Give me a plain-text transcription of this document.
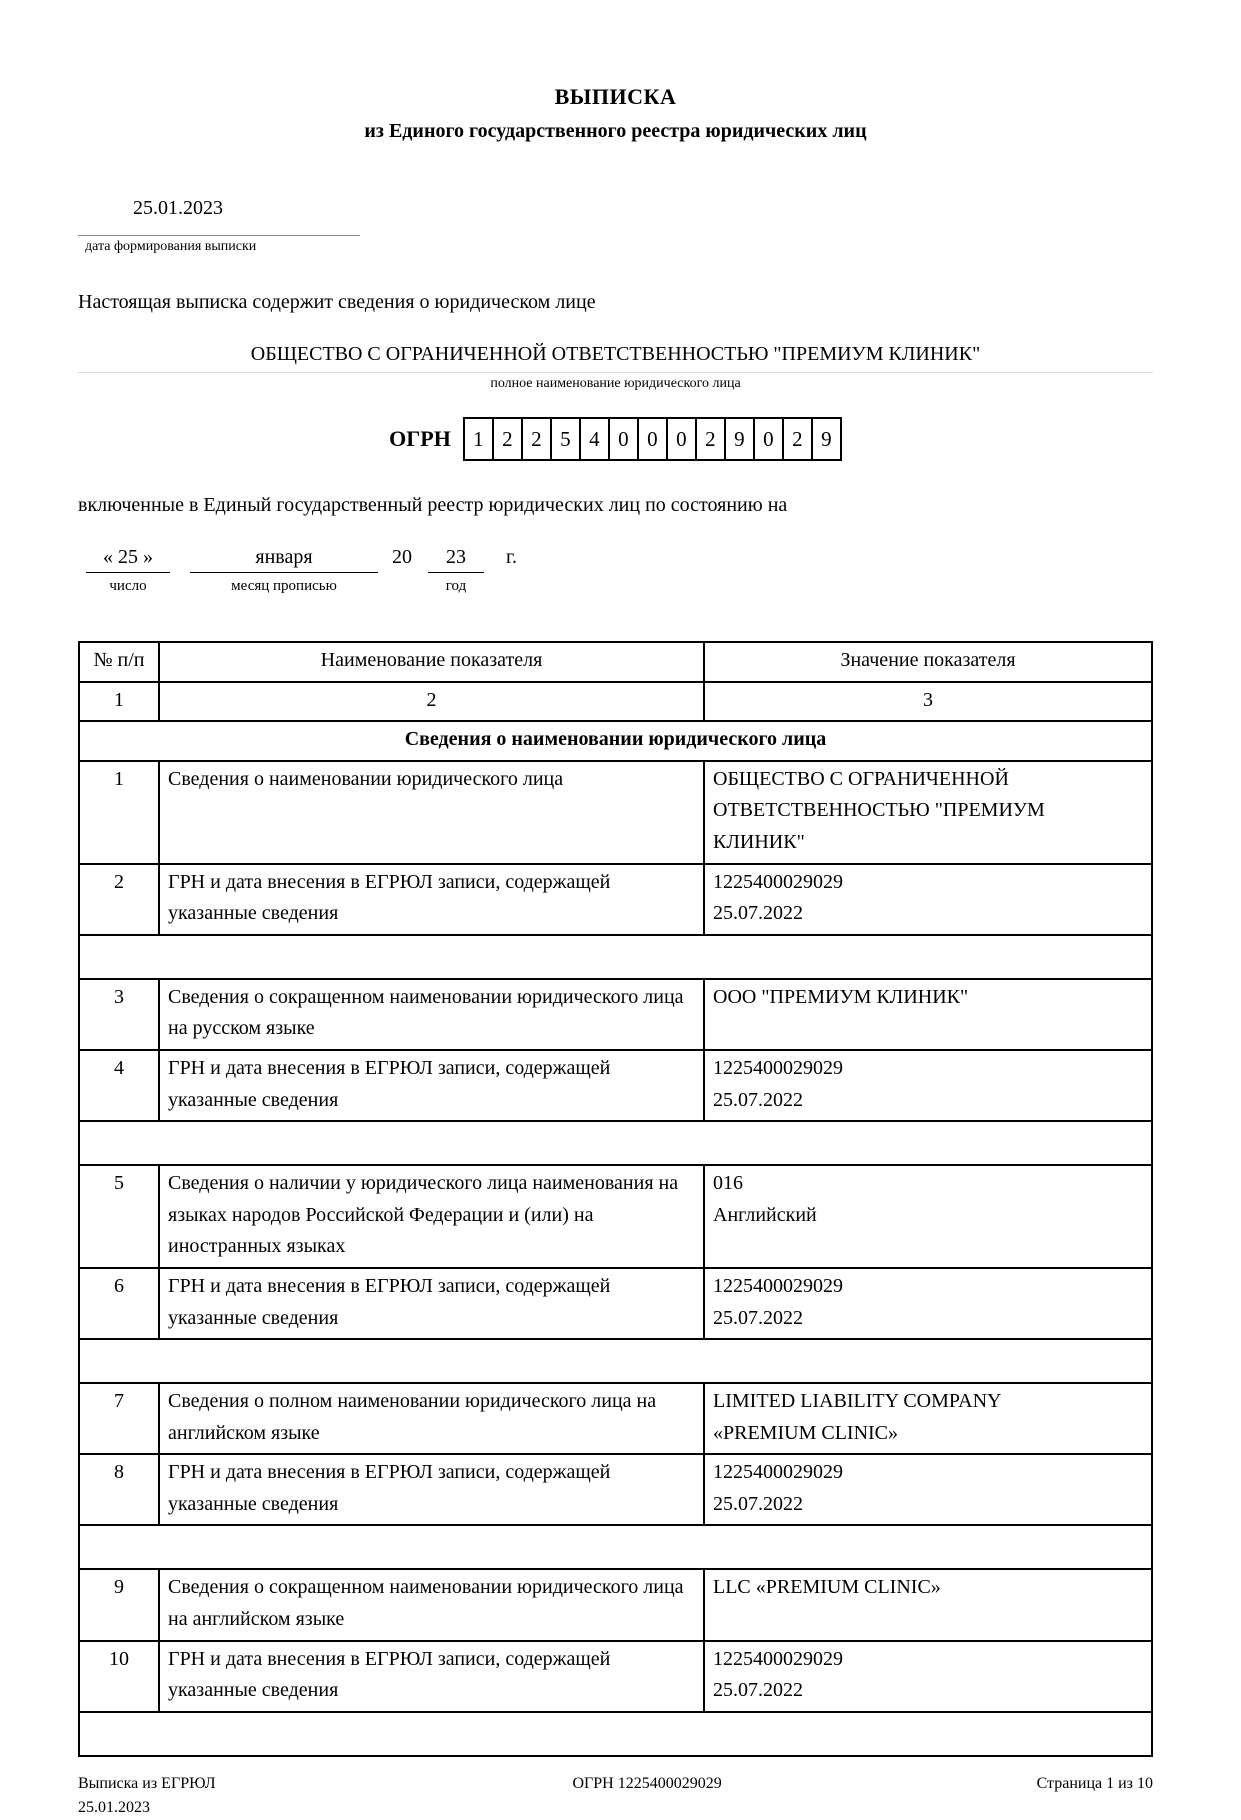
ВЫПИСКА
из Единого государственного реестра юридических лиц
25.01.2023
дата формирования выписки
Настоящая выписка содержит сведения о юридическом лице
ОБЩЕСТВО С ОГРАНИЧЕННОЙ ОТВЕТСТВЕННОСТЬЮ "ПРЕМИУМ КЛИНИК"
полное наименование юридического лица
ОГРН	1 2 2 5 4 0 0 0 2 9 0 2 9
включенные в Единый государственный реестр юридических лиц по состоянию на
« 25 »
число
января
месяц прописью
20	23
год
г.
№ п/п	Наименование показателя	Значение показателя
1	2	3
Сведения о наименовании юридического лица		
1	Сведения о наименовании юридического лица	ОБЩЕСТВО С ОГРАНИЧЕННОЙ
ОТВЕТСТВЕННОСТЬЮ "ПРЕМИУМ
КЛИНИК"

2	ГРН и дата внесения в ЕГРЮЛ записи, содержащей указанные сведения	1225400029029
25.07.2022

3	Сведения о сокращенном наименовании юридического лица на русском языке	ООО "ПРЕМИУМ КЛИНИК"

4	ГРН и дата внесения в ЕГРЮЛ записи, содержащей указанные сведения	1225400029029
25.07.2022

5	Сведения о наличии у юридического лица наименования на языках народов Российской Федерации и (или) на иностранных языках	016
Английский

6	ГРН и дата внесения в ЕГРЮЛ записи, содержащей указанные сведения	1225400029029
25.07.2022

7	Сведения о полном наименовании юридического лица на английском языке	LIMITED LIABILITY COMPANY
«PREMIUM CLINIC»

8	ГРН и дата внесения в ЕГРЮЛ записи, содержащей указанные сведения	1225400029029
25.07.2022

9	Сведения о сокращенном наименовании юридического лица на английском языке	LLC «PREMIUM CLINIC»

10	ГРН и дата внесения в ЕГРЮЛ записи, содержащей указанные сведения	1225400029029
25.07.2022

Выписка из ЕГРЮЛ
25.01.2023
ОГРН 1225400029029	Страница 1 из 10
